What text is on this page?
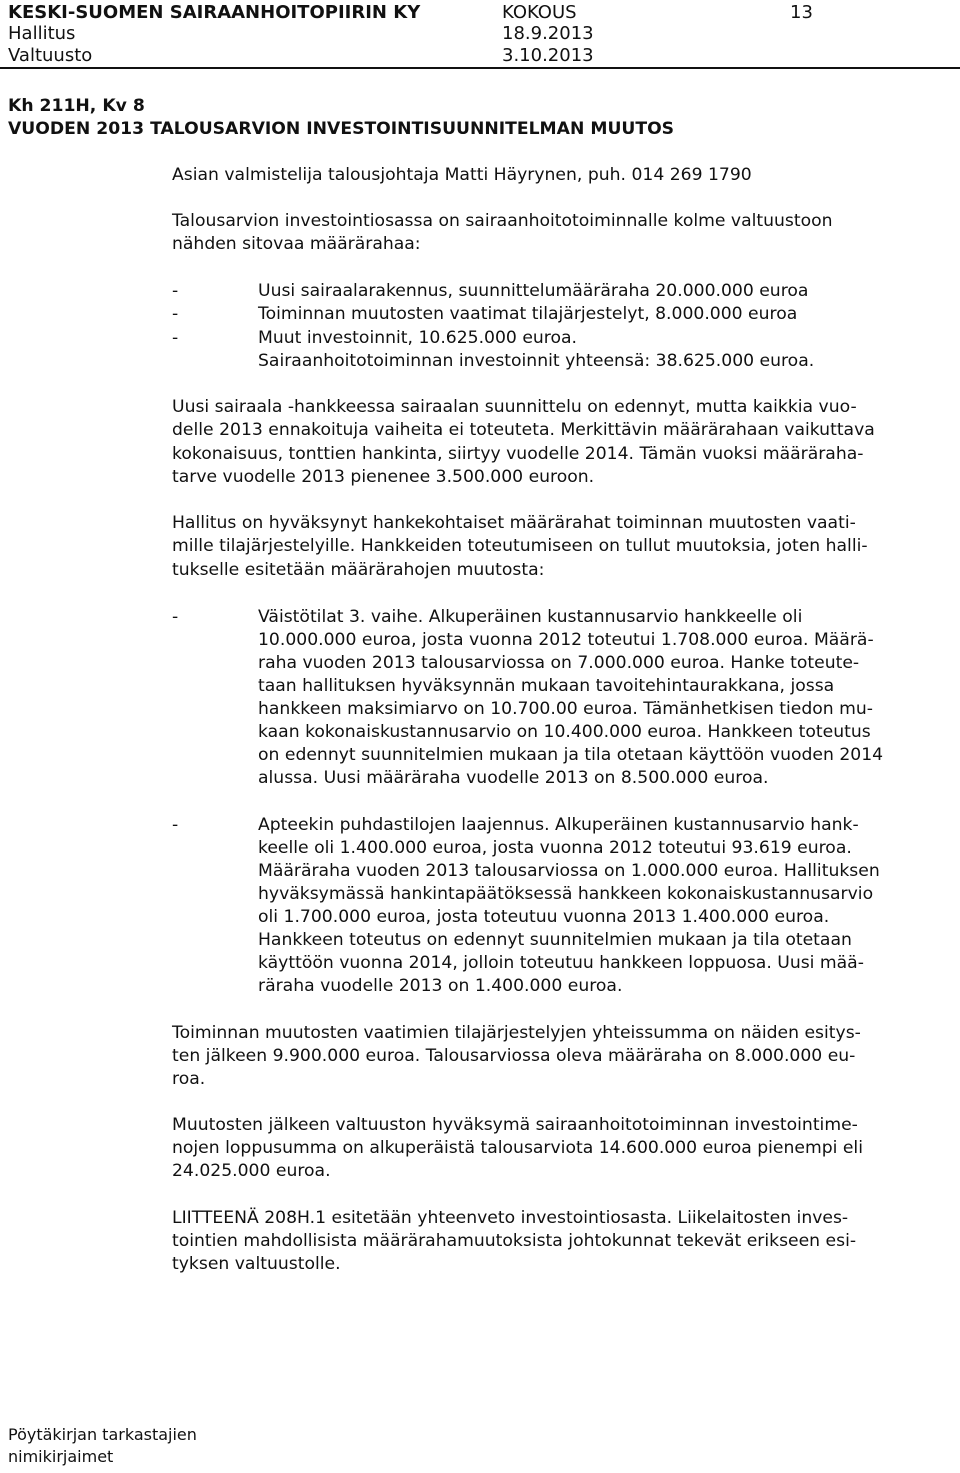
KESKI-SUOMEN SAIRAANHOITOPIIRIN KY	KOKOUS	13
Hallitus	18.9.2013
Valtuusto	3.10.2013
Kh 211H, Kv 8
VUODEN 2013 TALOUSARVION INVESTOINTISUUNNITELMAN MUUTOS
Asian valmistelija talousjohtaja Matti Häyrynen, puh. 014 269 1790
Talousarvion investointiosassa on sairaanhoitotoiminnalle kolme valtuustoon
nähden sitovaa määrärahaa:
-	Uusi sairaalarakennus, suunnittelumääräraha 20.000.000 euroa
-	Toiminnan muutosten vaatimat tilajärjestelyt, 8.000.000 euroa
-	Muut investoinnit, 10.625.000 euroa.
Sairaanhoitotoiminnan investoinnit yhteensä: 38.625.000 euroa.
Uusi sairaala -hankkeessa sairaalan suunnittelu on edennyt, mutta kaikkia vuo-
delle 2013 ennakoituja vaiheita ei toteuteta. Merkittävin määrärahaan vaikuttava
kokonaisuus, tonttien hankinta, siirtyy vuodelle 2014. Tämän vuoksi määräraha-
tarve vuodelle 2013 pienenee 3.500.000 euroon.
Hallitus on hyväksynyt hankekohtaiset määrärahat toiminnan muutosten vaati-
mille tilajärjestelyille. Hankkeiden toteutumiseen on tullut muutoksia, joten halli-
tukselle esitetään määrärahojen muutosta:
-	Väistötilat 3. vaihe. Alkuperäinen kustannusarvio hankkeelle oli
10.000.000 euroa, josta vuonna 2012 toteutui 1.708.000 euroa. Määrä-
raha vuoden 2013 talousarviossa on 7.000.000 euroa. Hanke toteute-
taan hallituksen hyväksynnän mukaan tavoitehintaurakkana, jossa
hankkeen maksimiarvo on 10.700.00 euroa. Tämänhetkisen tiedon mu-
kaan kokonaiskustannusarvio on 10.400.000 euroa. Hankkeen toteutus
on edennyt suunnitelmien mukaan ja tila otetaan käyttöön vuoden 2014
alussa. Uusi määräraha vuodelle 2013 on 8.500.000 euroa.
-	Apteekin puhdastilojen laajennus. Alkuperäinen kustannusarvio hank-
keelle oli 1.400.000 euroa, josta vuonna 2012 toteutui 93.619 euroa.
Määräraha vuoden 2013 talousarviossa on 1.000.000 euroa. Hallituksen
hyväksymässä hankintapäätöksessä hankkeen kokonaiskustannusarvio
oli 1.700.000 euroa, josta toteutuu vuonna 2013 1.400.000 euroa.
Hankkeen toteutus on edennyt suunnitelmien mukaan ja tila otetaan
käyttöön vuonna 2014, jolloin toteutuu hankkeen loppuosa. Uusi mää-
räraha vuodelle 2013 on 1.400.000 euroa.
Toiminnan muutosten vaatimien tilajärjestelyjen yhteissumma on näiden esitys-
ten jälkeen 9.900.000 euroa. Talousarviossa oleva määräraha on 8.000.000 eu-
roa.
Muutosten jälkeen valtuuston hyväksymä sairaanhoitotoiminnan investointime-
nojen loppusumma on alkuperäistä talousarviota 14.600.000 euroa pienempi eli
24.025.000 euroa.
LIITTEENÄ 208H.1 esitetään yhteenveto investointiosasta. Liikelaitosten inves-
tointien mahdollisista määrärahamuutoksista johtokunnat tekevät erikseen esi-
tyksen valtuustolle.
Pöytäkirjan tarkastajien
nimikirjaimet
